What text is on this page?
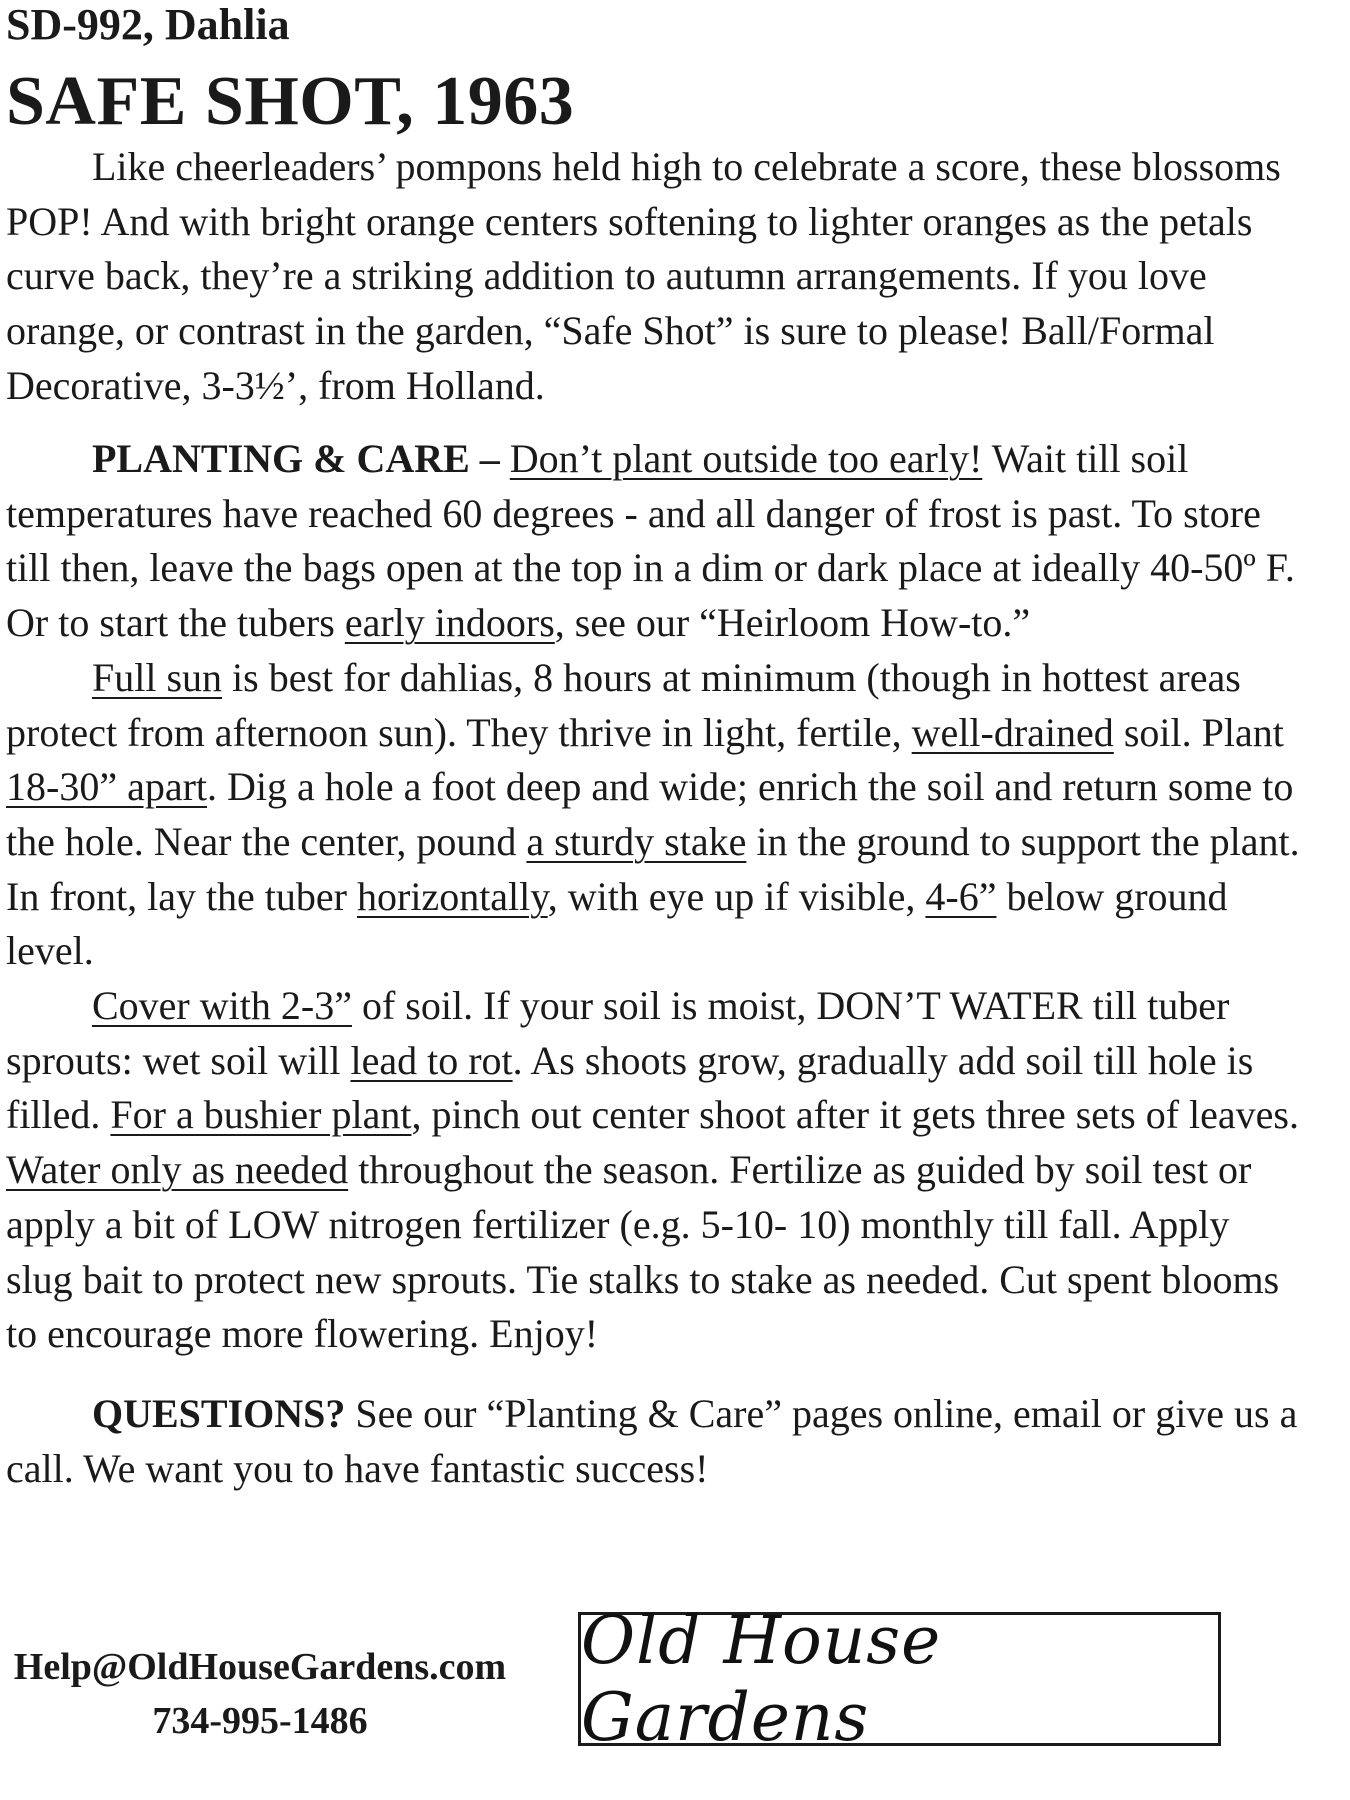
SD-992, Dahlia
SAFE SHOT, 1963

Like cheerleaders’ pompons held high to celebrate a score, these blossoms POP! And with bright orange centers softening to lighter oranges as the petals curve back, they’re a striking addition to autumn arrangements. If you love orange, or contrast in the garden, “Safe Shot” is sure to please! Ball/Formal Decorative, 3-3½’, from Holland.

PLANTING & CARE – Don’t plant outside too early! Wait till soil temperatures have reached 60 degrees - and all danger of frost is past. To store till then, leave the bags open at the top in a dim or dark place at ideally 40-50º F. Or to start the tubers early indoors, see our “Heirloom How-to.”
Full sun is best for dahlias, 8 hours at minimum (though in hottest areas protect from afternoon sun). They thrive in light, fertile, well-drained soil. Plant 18-30” apart. Dig a hole a foot deep and wide; enrich the soil and return some to the hole. Near the center, pound a sturdy stake in the ground to support the plant. In front, lay the tuber horizontally, with eye up if visible, 4-6” below ground level.
Cover with 2-3” of soil. If your soil is moist, DON’T WATER till tuber sprouts: wet soil will lead to rot. As shoots grow, gradually add soil till hole is filled. For a bushier plant, pinch out center shoot after it gets three sets of leaves. Water only as needed throughout the season. Fertilize as guided by soil test or apply a bit of LOW nitrogen fertilizer (e.g. 5-10- 10) monthly till fall. Apply slug bait to protect new sprouts. Tie stalks to stake as needed. Cut spent blooms to encourage more flowering. Enjoy!

QUESTIONS? See our “Planting & Care” pages online, email or give us a call. We want you to have fantastic success!

Help@OldHouseGardens.com
734-995-1486
Old House Gardens
